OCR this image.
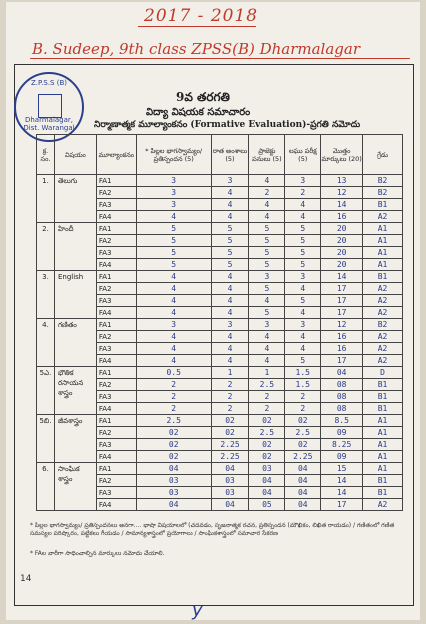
2017 - 2018
B. Sudeep, 9th class ZPSS(B) Dharmalagar
Z.P.S.S (B)
Dharmalagar, Dist. Warangal
9వ తరగతి
విద్యా విషయక సమాచారం
నిర్మాణాత్మక మూల్యాంకనం (Formative Evaluation)-ప్రగతి నమోదు
క్ర. సం.	విషయం	మూల్యాంకనం	* పిల్లల భాగస్వామ్యం/ ప్రతిస్పందన (5)	రాత అంశాలు (5)	ప్రాజెక్టు పనులు (5)	లఘు పరీక్ష (5)	మొత్తం మార్కులు (20)	గ్రేడు
1.	తెలుగు	FA1	3	3	4	3	13	B2
		FA2	3	4	2	2	12	B2
		FA3	3	4	4	4	14	B1
		FA4	4	4	4	4	16	A2
2.	హిందీ	FA1	5	5	5	5	20	A1
		FA2	5	5	5	5	20	A1
		FA3	5	5	5	5	20	A1
		FA4	5	5	5	5	20	A1
3.	English	FA1	4	4	3	3	14	B1
		FA2	4	4	5	4	17	A2
		FA3	4	4	4	5	17	A2
		FA4	4	4	5	4	17	A2
4.	గణితం	FA1	3	3	3	3	12	B2
		FA2	4	4	4	4	16	A2
		FA3	4	4	4	4	16	A2
		FA4	4	4	4	5	17	A2
5ఎ.	భౌతిక రసాయన శాస్త్రం	FA1	0.5	1	1	1.5	04	D
		FA2	2	2	2.5	1.5	08	B1
		FA3	2	2	2	2	08	B1
		FA4	2	2	2	2	08	B1
5బి.	జీవశాస్త్రం	FA1	2.5	02	02	02	8.5	A1
		FA2	02	02	2.5	2.5	09	A1
		FA3	02	2.25	02	02	8.25	A1
		FA4	02	2.25	02	2.25	09	A1
6.	సాంఘిక శాస్త్రం	FA1	04	04	03	04	15	A1
		FA2	03	03	04	04	14	B1
		FA3	03	03	04	04	14	B1
		FA4	04	04	05	04	17	A2
* పిల్లల భాగస్వామ్యం/ ప్రతిస్పందనలు అనగా.... భాషా విషయాలలో (చదవడం, సృజనాత్మక రచన, ప్రతిస్పందన (మౌఖికం, లిఖిత రాయడం) / గణితంలో గణిత సమస్యల పరిష్కారం, పట్టికలు గీయడం / సామాన్యశాస్త్రంలో ప్రయోగాలు / సాంఘికశాస్త్రంలో సమాచార సేకరణ
* FAల వారీగా సాధించాల్సిన మార్కులు నమోదు చేయాలి.
14
y
